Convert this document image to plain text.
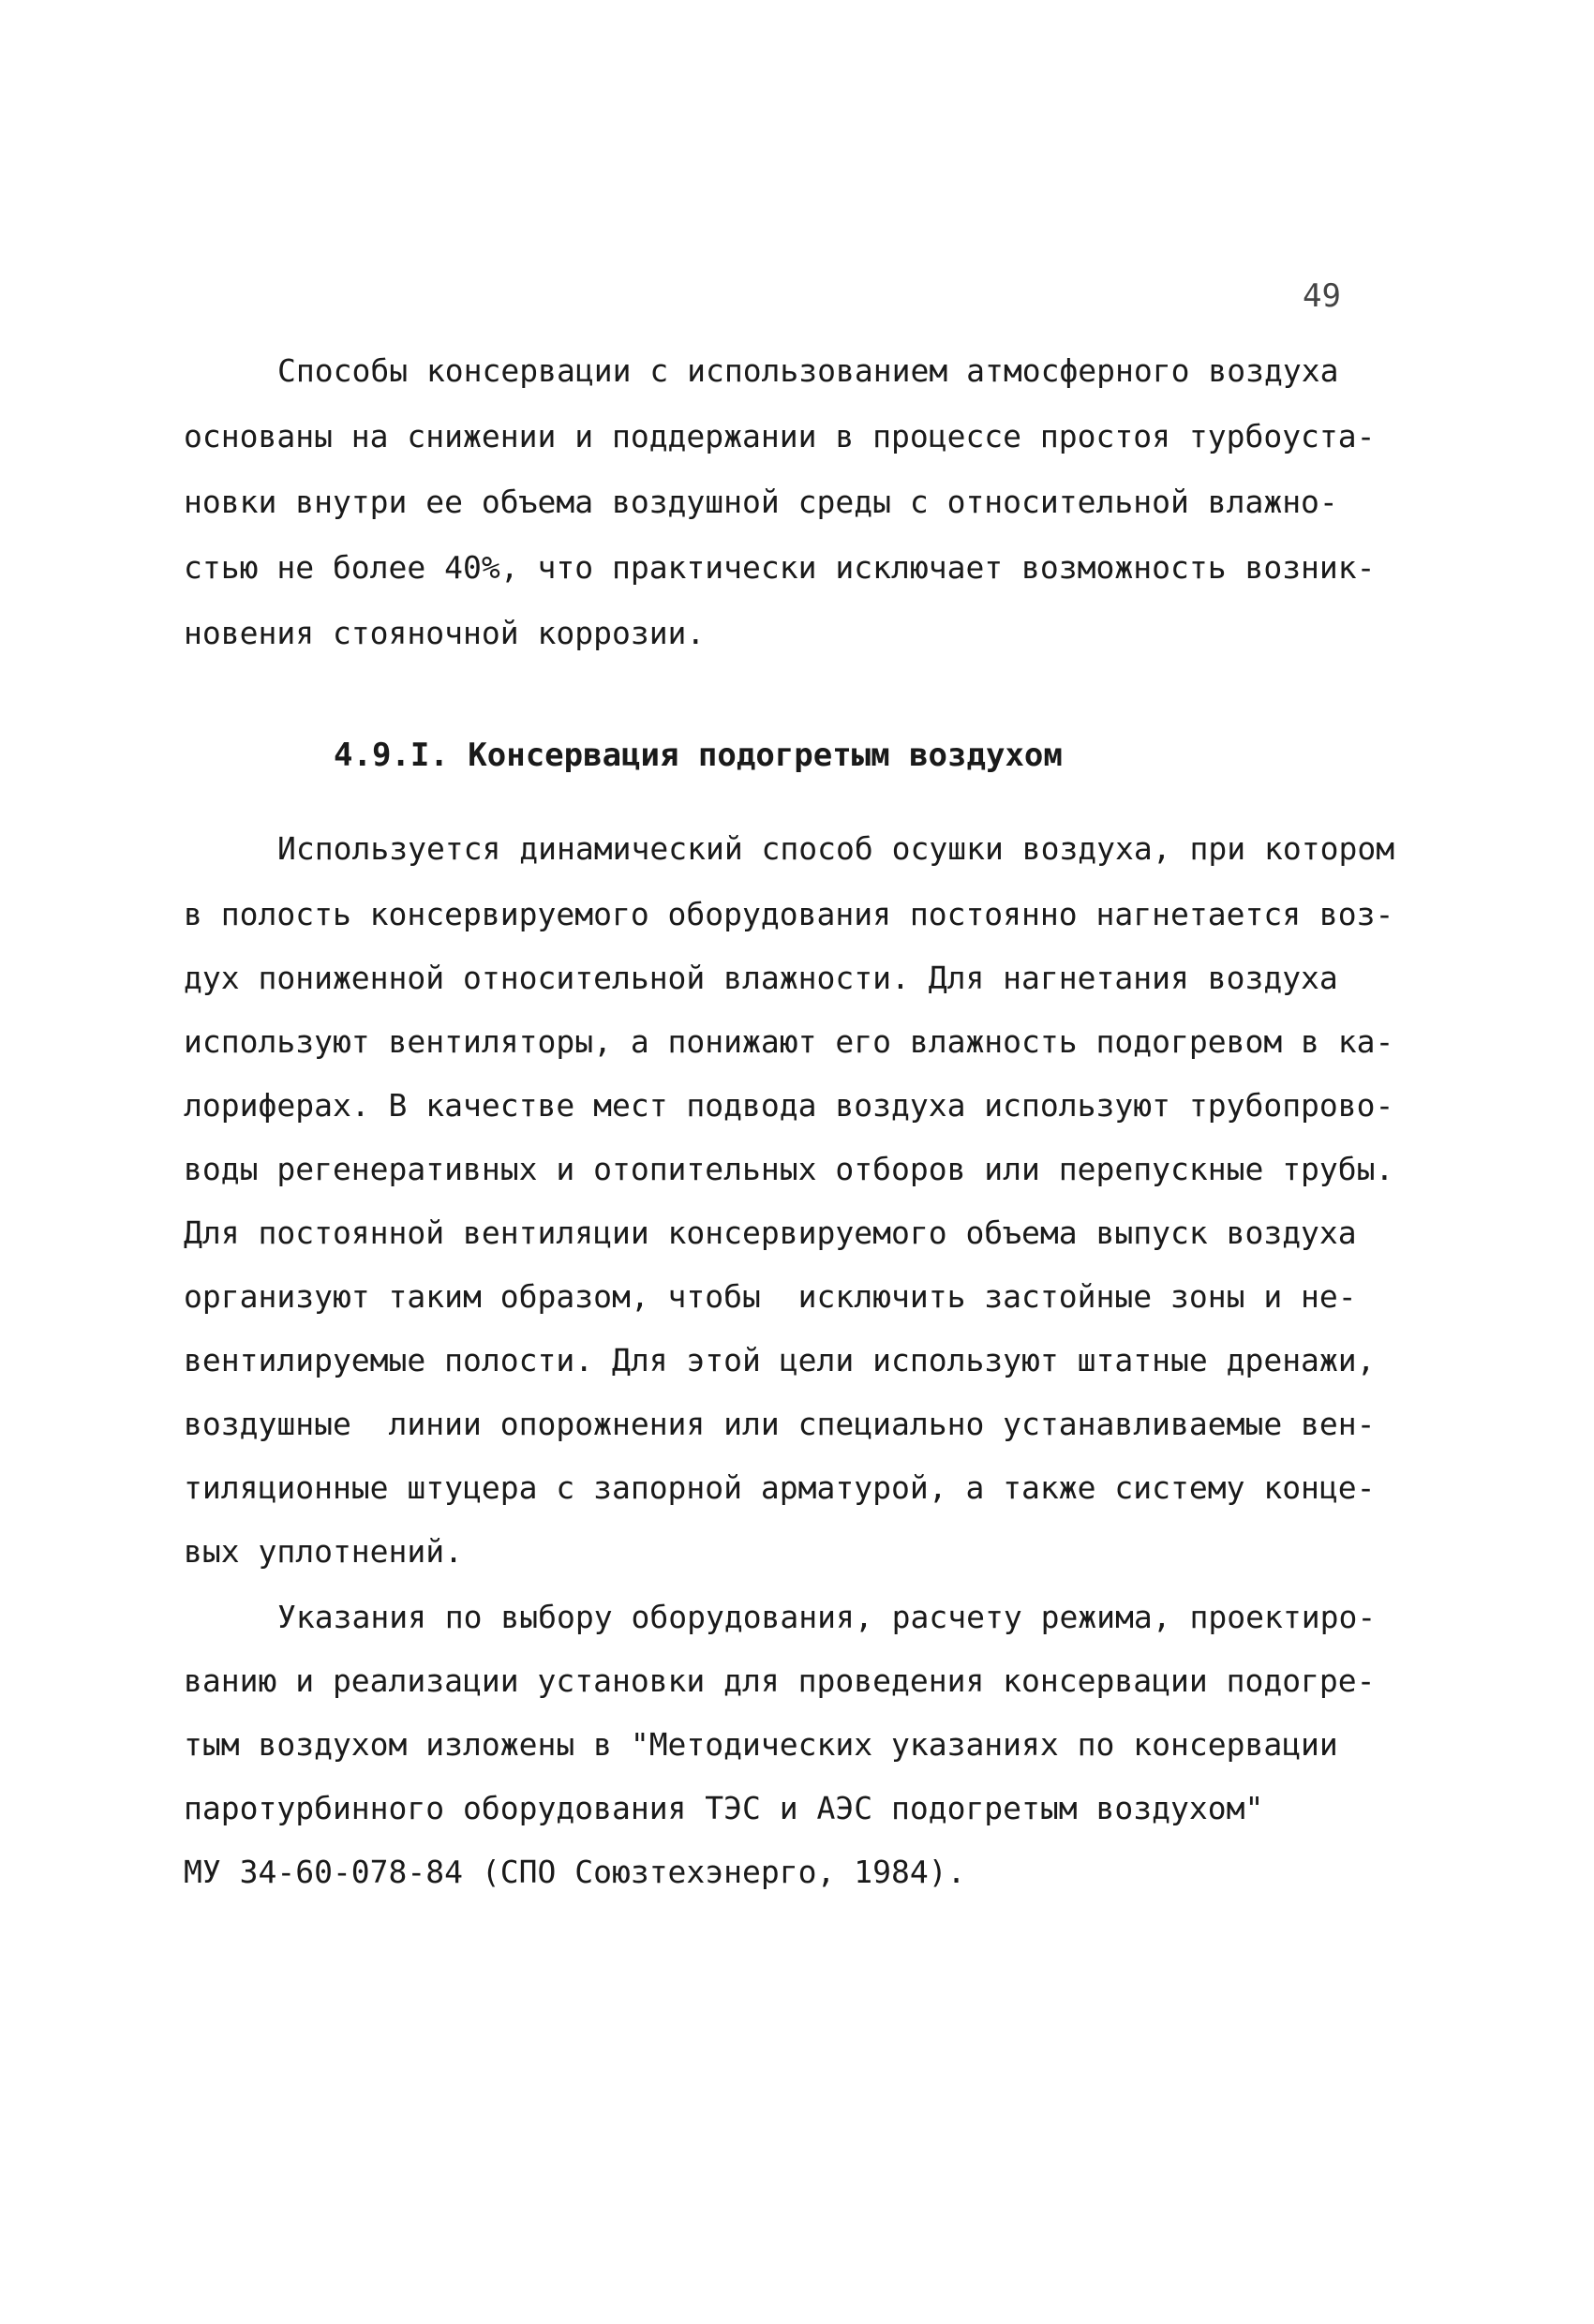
49
Способы консервации с использованием атмосферного воздуха
основаны на снижении и поддержании в процессе простоя турбоуста-
новки внутри ее объема воздушной среды с относительной влажно-
стью не более 40%, что практически исключает возможность возник-
новения стояночной коррозии.
4.9.I. Консервация подогретым воздухом
Используется динамический способ осушки воздуха, при котором
в полость консервируемого оборудования постоянно нагнетается воз-
дух пониженной относительной влажности. Для нагнетания воздуха
используют вентиляторы, а понижают его влажность подогревом в ка-
лориферах. В качестве мест подвода воздуха используют трубопрово-
воды регенеративных и отопительных отборов или перепускные трубы.
Для постоянной вентиляции консервируемого объема выпуск воздуха
организуют таким образом, чтобы  исключить застойные зоны и не-
вентилируемые полости. Для этой цели используют штатные дренажи,
воздушные  линии опорожнения или специально устанавливаемые вен-
тиляционные штуцера с запорной арматурой, а также систему конце-
вых уплотнений.
Указания по выбору оборудования, расчету режима, проектиро-
ванию и реализации установки для проведения консервации подогре-
тым воздухом изложены в "Методических указаниях по консервации
паротурбинного оборудования ТЭС и АЭС подогретым воздухом"
МУ 34-60-078-84 (СПО Союзтехэнерго, 1984).
